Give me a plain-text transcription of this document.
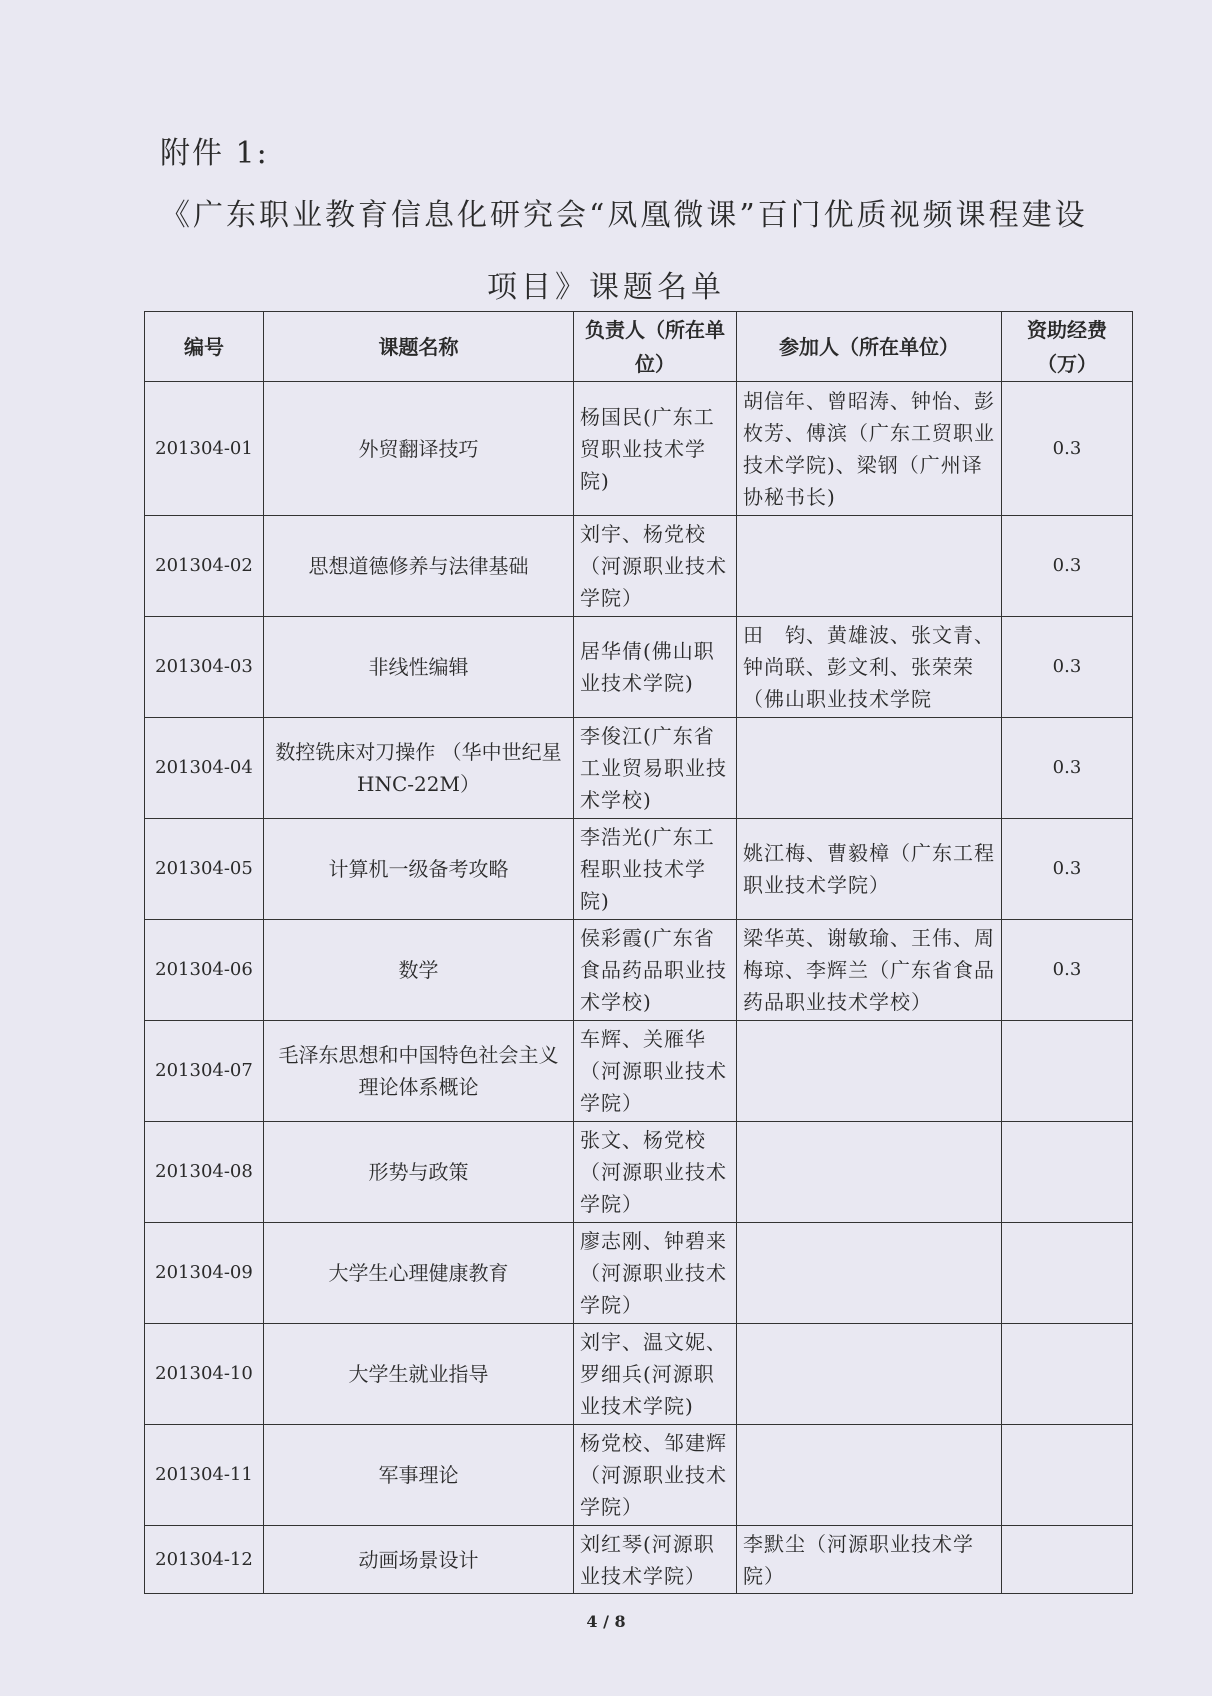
附件 1:
《广东职业教育信息化研究会“凤凰微课”百门优质视频课程建设
项目》课题名单
编号	课题名称	负责人（所在单位）	参加人（所在单位）	资助经费（万）
201304-01	外贸翻译技巧	杨国民(广东工贸职业技术学院)	胡信年、曾昭涛、钟怡、彭枚芳、傅滨（广东工贸职业技术学院)、梁钢（广州译协秘书长)	0.3
201304-02	思想道德修养与法律基础	刘宇、杨党校（河源职业技术学院）		0.3
201304-03	非线性编辑	居华倩(佛山职业技术学院)	田　钧、黄雄波、张文青、钟尚联、彭文利、张荣荣（佛山职业技术学院	0.3
201304-04	数控铣床对刀操作 （华中世纪星HNC-22M）	李俊江(广东省工业贸易职业技术学校)		0.3
201304-05	计算机一级备考攻略	李浩光(广东工程职业技术学院)	姚江梅、曹毅樟（广东工程职业技术学院）	0.3
201304-06	数学	侯彩霞(广东省食品药品职业技术学校)	梁华英、谢敏瑜、王伟、周梅琼、李辉兰（广东省食品药品职业技术学校）	0.3
201304-07	毛泽东思想和中国特色社会主义理论体系概论	车辉、关雁华（河源职业技术学院）		
201304-08	形势与政策	张文、杨党校（河源职业技术学院）		
201304-09	大学生心理健康教育	廖志刚、钟碧来（河源职业技术学院）		
201304-10	大学生就业指导	刘宇、温文妮、罗细兵(河源职业技术学院)		
201304-11	军事理论	杨党校、邹建辉（河源职业技术学院）		
201304-12	动画场景设计	刘红琴(河源职业技术学院）	李默尘（河源职业技术学院）	
4 / 8
